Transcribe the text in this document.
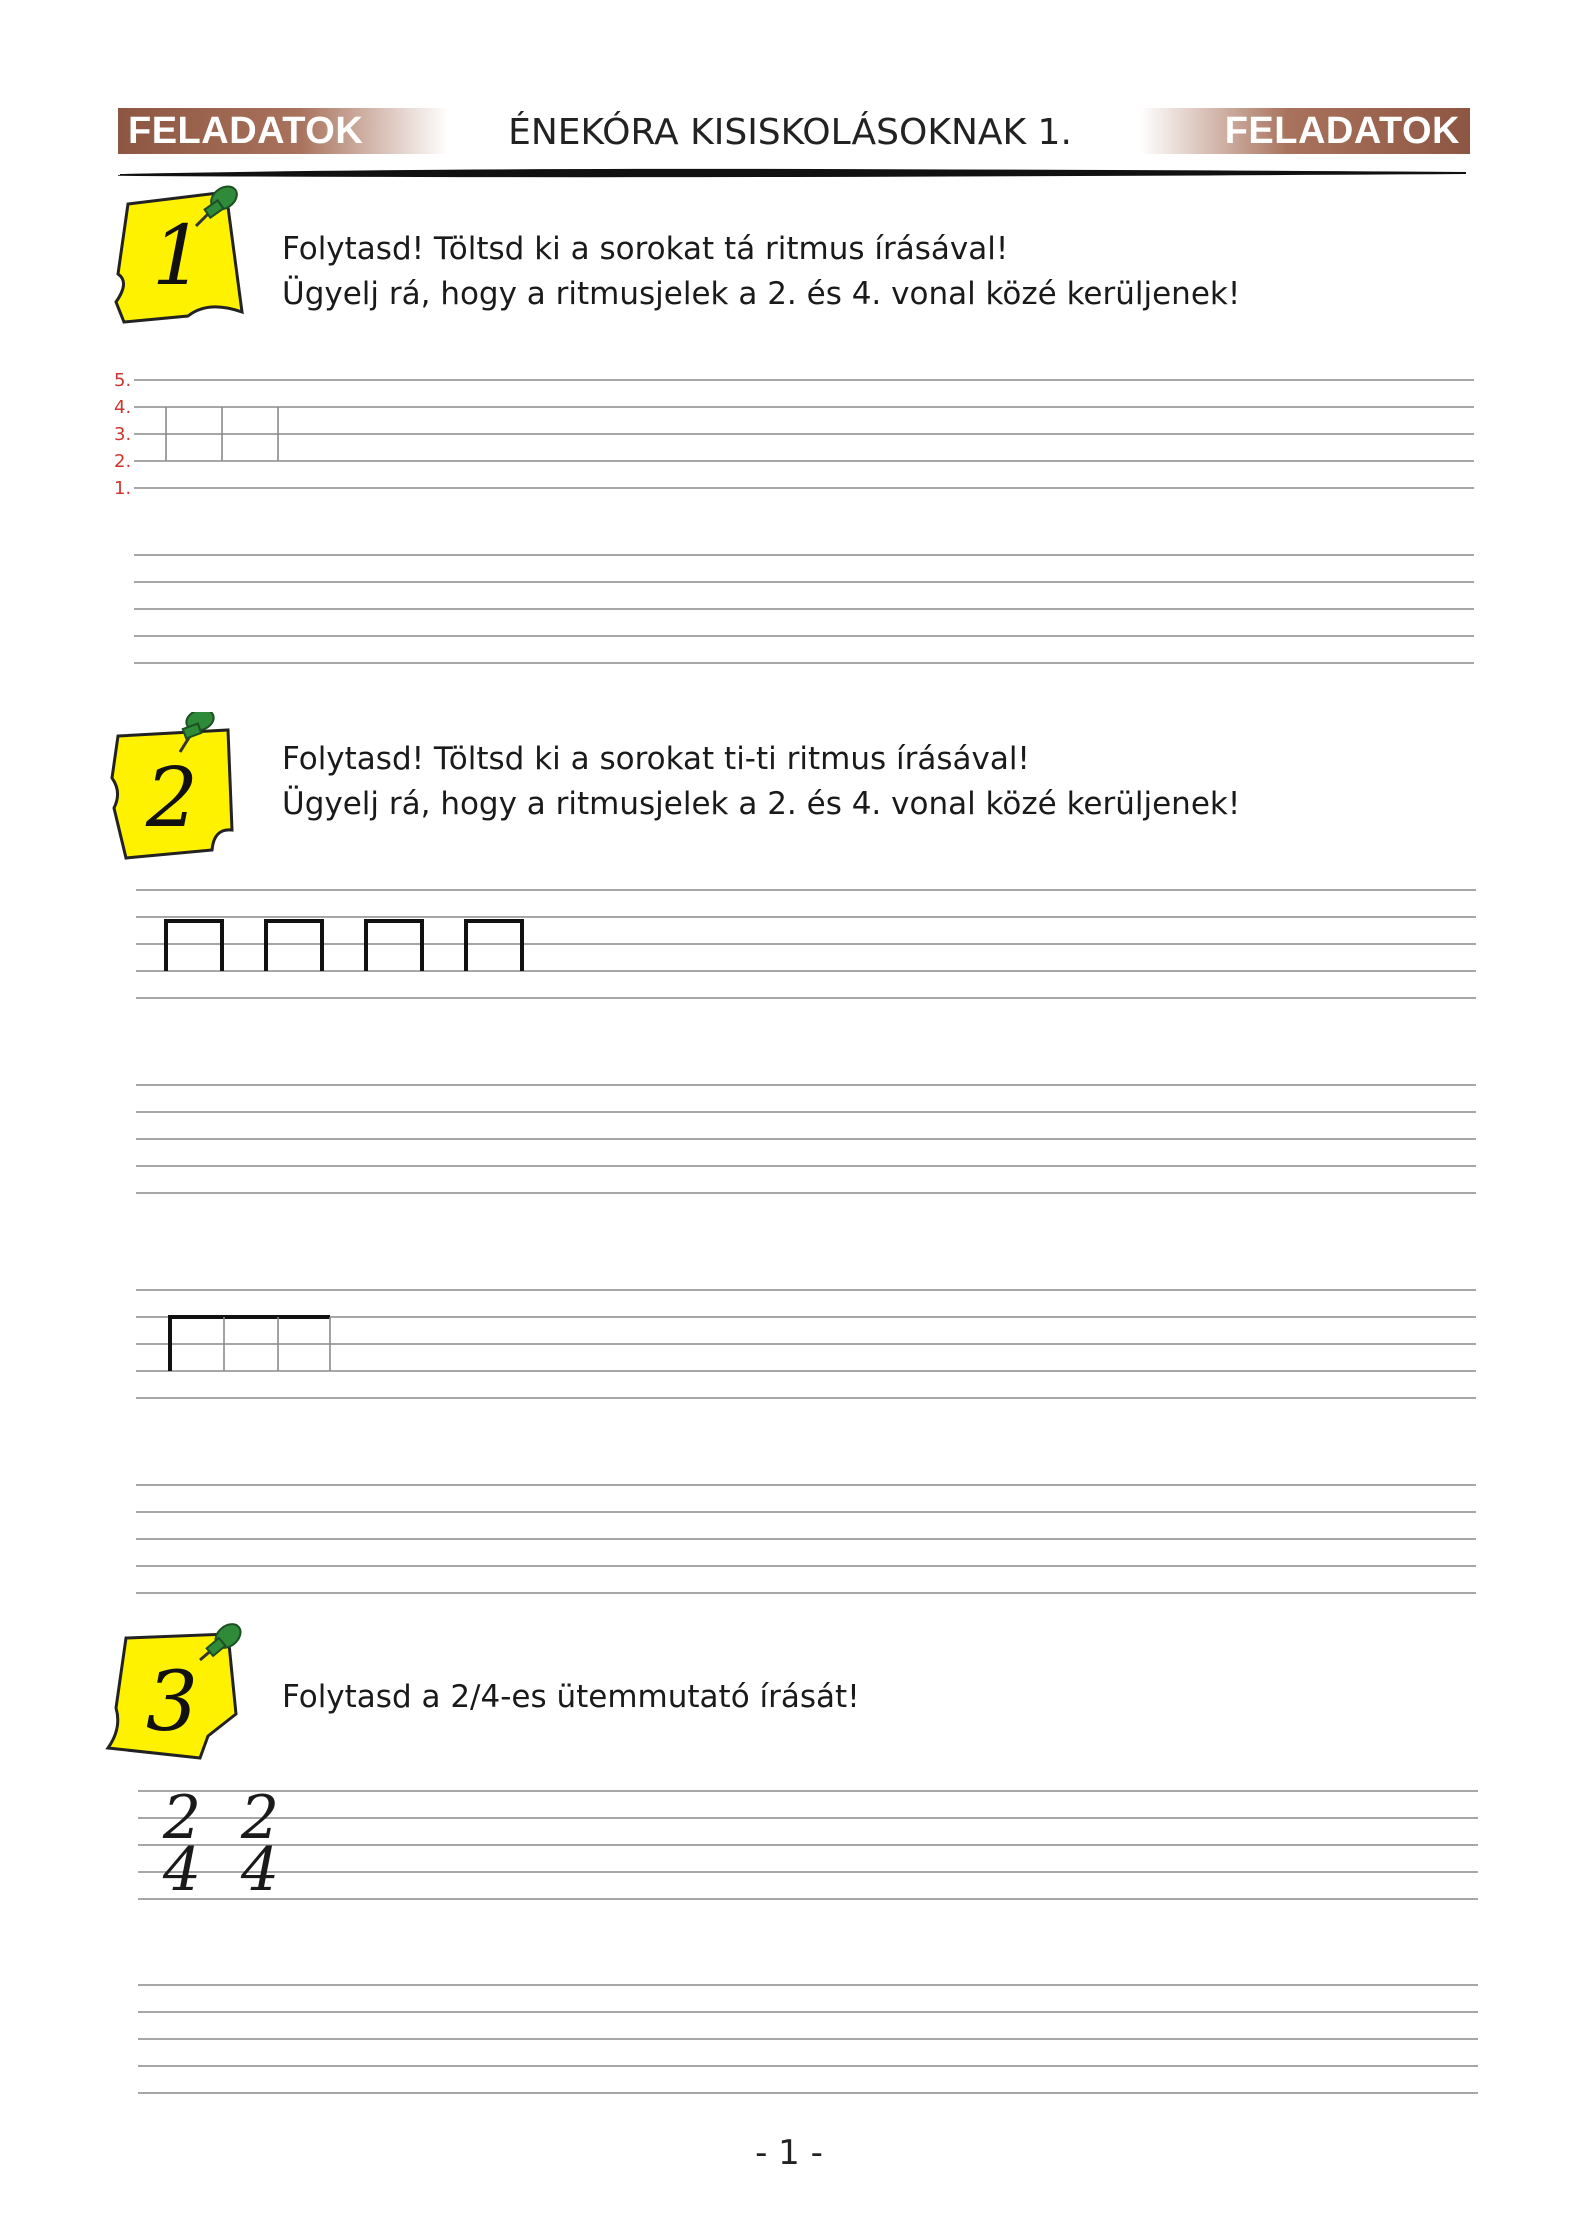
FELADATOK	ÉNEKÓRA KISISKOLÁSOKNAK 1.	FELADATOK
1	Folytasd! Töltsd ki a sorokat tá ritmus írásával!
Ügyelj rá, hogy a ritmusjelek a 2. és 4. vonal közé kerüljenek!
5.
4.
3.
2.
1.
2	Folytasd! Töltsd ki a sorokat ti-ti ritmus írásával!
Ügyelj rá, hogy a ritmusjelek a 2. és 4. vonal közé kerüljenek!
3	Folytasd a 2/4-es ütemmutató írását!
2
4
2
4
- 1 -
